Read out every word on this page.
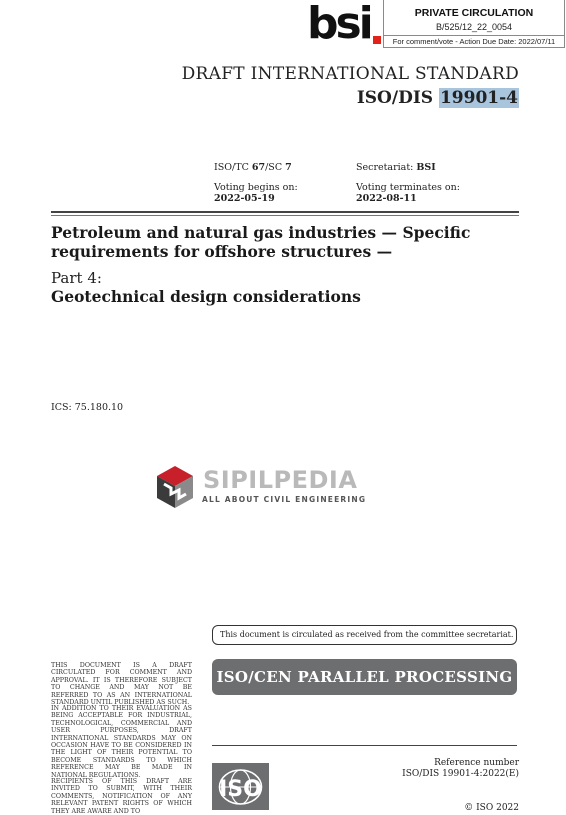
bsi	PRIVATE CIRCULATION
B/525/12_22_0054
For comment/vote - Action Due Date: 2022/07/11
DRAFT INTERNATIONAL STANDARD
ISO/DIS 19901-4
ISO/TC 67/SC 7	Secretariat: BSI
Voting begins on:
2022-05-19
Voting terminates on:
2022-08-11
Petroleum and natural gas industries — Specific requirements for offshore structures —
Part 4:
Geotechnical design considerations
ICS: 75.180.10
SIPILPEDIA
ALL ABOUT CIVIL ENGINEERING
This document is circulated as received from the committee secretariat.
ISO/CEN PARALLEL PROCESSING
THIS DOCUMENT IS A DRAFT CIRCULATED FOR COMMENT AND APPROVAL. IT IS THEREFORE SUBJECT TO CHANGE AND MAY NOT BE REFERRED TO AS AN INTERNATIONAL STANDARD UNTIL PUBLISHED AS SUCH.
IN ADDITION TO THEIR EVALUATION AS BEING ACCEPTABLE FOR INDUSTRIAL, TECHNOLOGICAL, COMMERCIAL AND USER PURPOSES, DRAFT INTERNATIONAL STANDARDS MAY ON OCCASION HAVE TO BE CONSIDERED IN THE LIGHT OF THEIR POTENTIAL TO BECOME STANDARDS TO WHICH REFERENCE MAY BE MADE IN NATIONAL REGULATIONS.
RECIPIENTS OF THIS DRAFT ARE INVITED TO SUBMIT, WITH THEIR COMMENTS, NOTIFICATION OF ANY RELEVANT PATENT RIGHTS OF WHICH THEY ARE AWARE AND TO
ISO
Reference number
ISO/DIS 19901-4:2022(E)
© ISO 2022
